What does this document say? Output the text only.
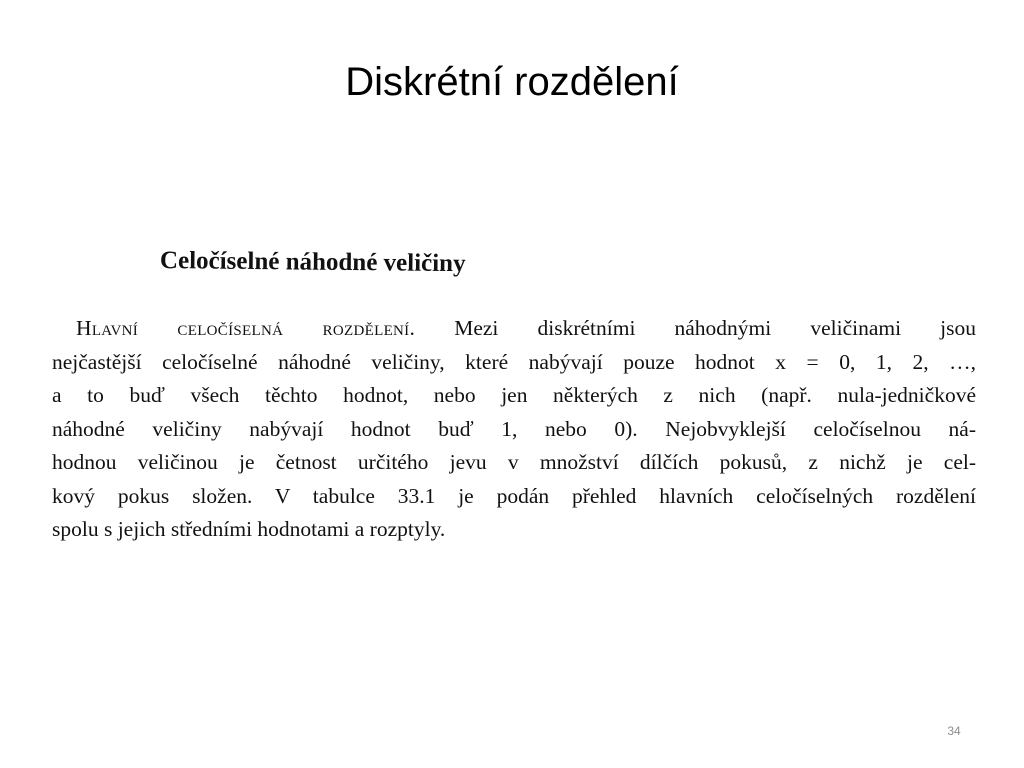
Diskrétní rozdělení
Celočíselné náhodné veličiny

Hlavní celočíselná rozdělení. Mezi diskrétními náhodnými veličinami jsou
nejčastější celočíselné náhodné veličiny, které nabývají pouze hodnot x = 0, 1, 2, …,
a to buď všech těchto hodnot, nebo jen některých z nich (např. nula-jedničkové
náhodné veličiny nabývají hodnot buď 1, nebo 0). Nejobvyklejší celočíselnou ná-
hodnou veličinou je četnost určitého jevu v množství dílčích pokusů, z nichž je cel-
kový pokus složen. V tabulce 33.1 je podán přehled hlavních celočíselných rozdělení
spolu s jejich středními hodnotami a rozptyly.

34
